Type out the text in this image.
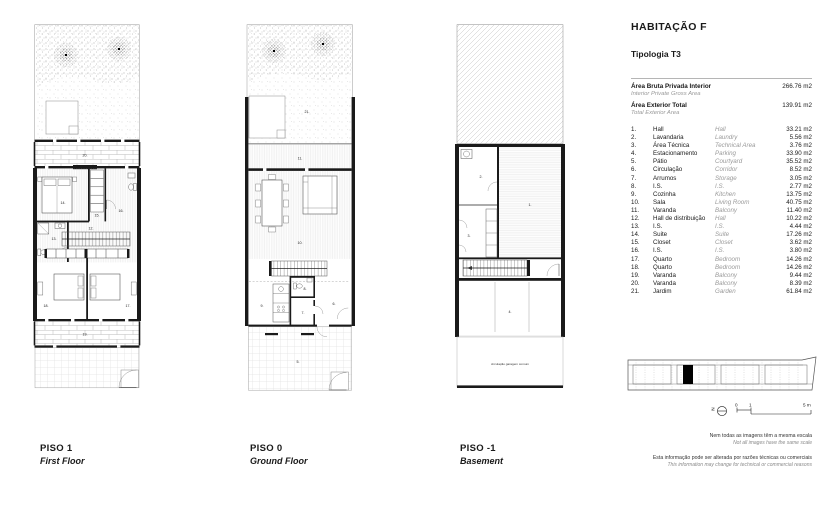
20.
14.
15.
16.
13.
12.
18.	17.
19.
21.
11.
10.
9.
8.
7.
6.
5.	circulação garagem comum
2.
3.
1.
4.
PISO 1
First Floor
PISO 0
Ground Floor
PISO -1
Basement
HABITAÇÃO F
Tipologia T3
Área Bruta Privada Interior
Interior Private Gross Area
266.76 m2
Área Exterior Total
Total Exterior Area
139.91 m2
1.	Hall	Hall	33.21 m2
2.	Lavandaria	Laundry	5.56 m2
3.	Área Técnica	Technical Area	3.76 m2
4.	Estacionamento	Parking	33.90 m2
5.	Pátio	Courtyard	35.52 m2
6.	Circulação	Corridor	8.52 m2
7.	Arrumos	Storage	3.05 m2
8.	I.S.	I.S.	2.77 m2
9.	Cozinha	Kitchen	13.75 m2
10.	Sala	Living Room	40.75 m2
11.	Varanda	Balcony	11.40 m2
12.	Hall de distribuição	Hall	10.22 m2
13.	I.S.	I.S.	4.44 m2
14.	Suite	Suite	17.26 m2
15.	Closet	Closet	3.62 m2
16.	I.S.	I.S.	3.80 m2
17.	Quarto	Bedroom	14.26 m2
18.	Quarto	Bedroom	14.26 m2
19.	Varanda	Balcony	9.44 m2
20.	Varanda	Balcony	8.39 m2
21.	Jardim	Garden	61.84 m2
N
0 1	5 m
Nem todas as imagens têm a mesma escala
Not all images have the same scale
Esta informação pode ser alterada por razões técnicas ou comerciais
This information may change for technical or commercial reasons
